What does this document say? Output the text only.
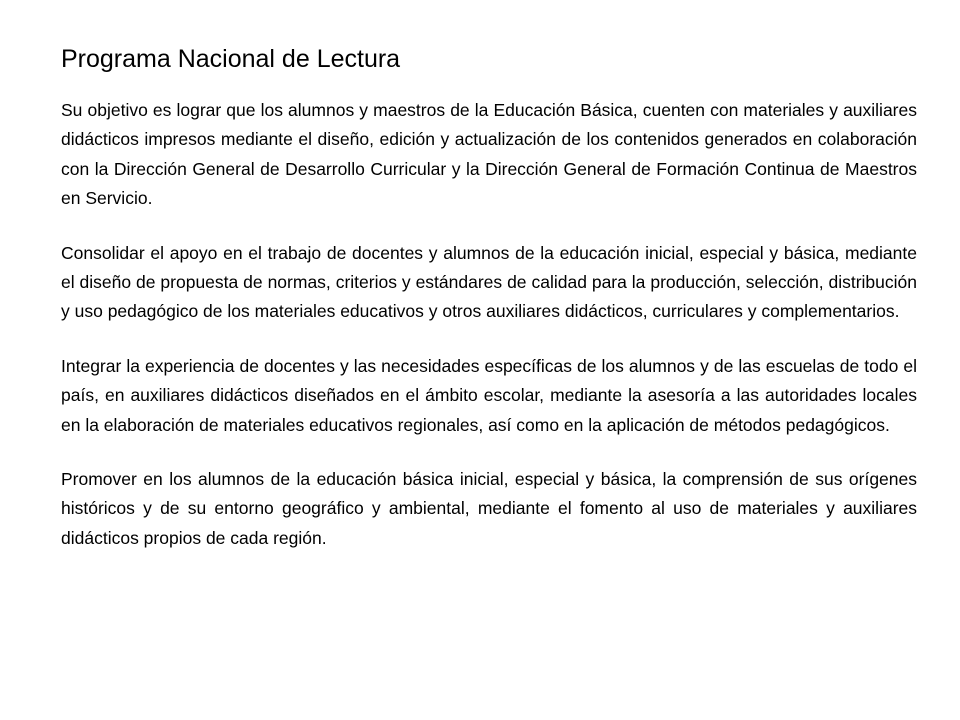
Programa Nacional de Lectura

Su objetivo es lograr que los alumnos y maestros de la Educación Básica, cuenten con materiales y auxiliares didácticos impresos mediante el diseño, edición y actualización de los contenidos generados en colaboración con la Dirección General de Desarrollo Curricular y la Dirección General de Formación Continua de Maestros en Servicio.

Consolidar el apoyo en el trabajo de docentes y alumnos de la educación inicial, especial y básica, mediante el diseño de propuesta de normas, criterios y estándares de calidad para la producción, selección, distribución y uso pedagógico de los materiales educativos y otros auxiliares didácticos, curriculares y complementarios.

Integrar la experiencia de docentes y las necesidades específicas de los alumnos y de las escuelas de todo el país, en auxiliares didácticos diseñados en el ámbito escolar, mediante la asesoría a las autoridades locales en la elaboración de materiales educativos regionales, así como en la aplicación de métodos pedagógicos.

Promover en los alumnos de la educación básica inicial, especial y básica, la comprensión de sus orígenes históricos y de su entorno geográfico y ambiental, mediante el fomento al uso de materiales y auxiliares didácticos propios de cada región.
